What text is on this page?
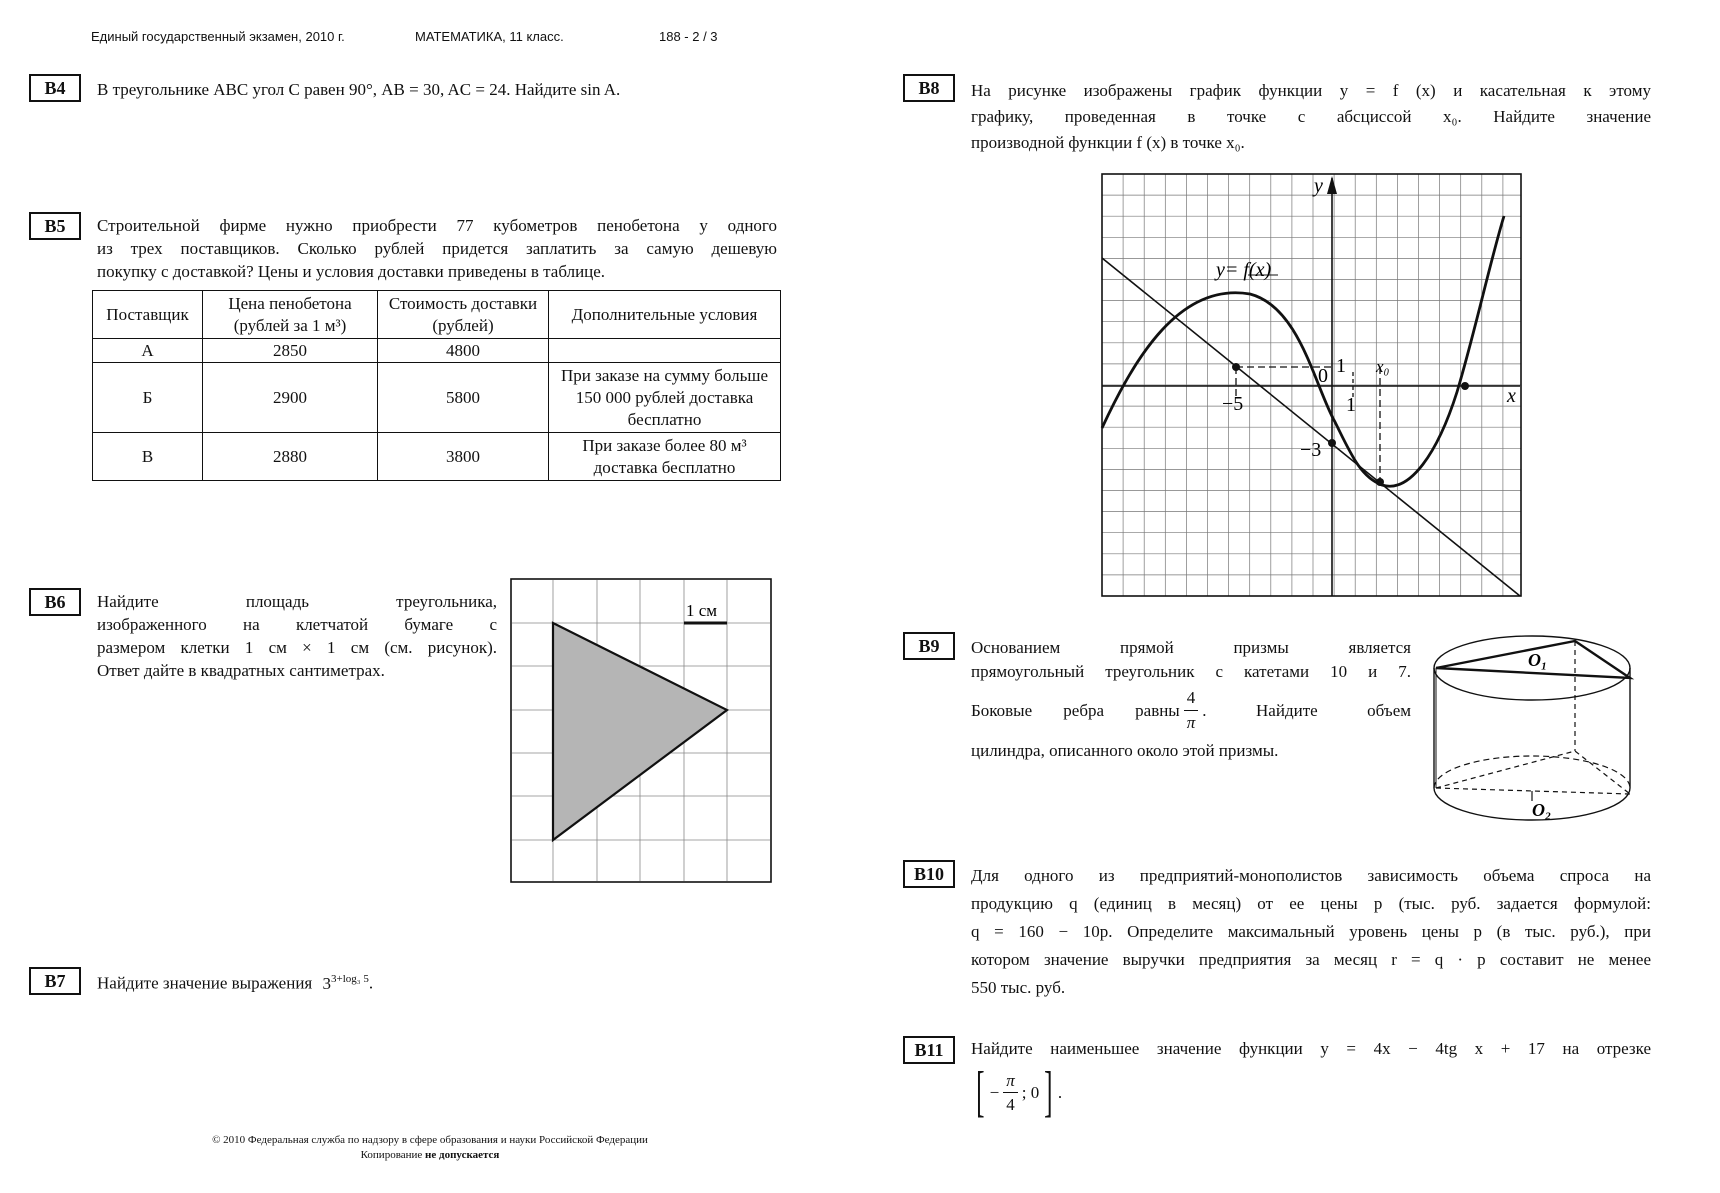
Единый государственный экзамен, 2010 г.	МАТЕМАТИКА, 11 класс.	188 - 2 / 3
B4	В треугольнике ABC угол C равен 90°, AB = 30, AC = 24. Найдите sin A.
B5	Строительной фирме нужно приобрести 77 кубометров пенобетона у одного
из трех поставщиков. Сколько рублей придется заплатить за самую дешевую
покупку с доставкой? Цены и условия доставки приведены в таблице.
Поставщик	Цена пенобетона (рублей за 1 м³)	Стоимость доставки (рублей)	Дополнительные условия
А	2850	4800	
Б	2900	5800	При заказе на сумму больше 150 000 рублей доставка бесплатно
В	2880	3800	При заказе более 80 м³ доставка бесплатно
B6	Найдите площадь треугольника,
изображенного на клетчатой бумаге с
размером клетки 1 см × 1 см (см. рисунок).
Ответ дайте в квадратных сантиметрах.
1 см
B7	Найдите значение выражения $3^{3+log_3 5}$.
B8	На рисунке изображены график функции y = f (x) и касательная к этому
графику, проведенная в точке с абсциссой x₀. Найдите значение
производной функции f (x) в точке x₀.
y
x
y= f(x)
1
0
1
−5
−3
x₀
B9	Основанием прямой призмы является
прямоугольный треугольник с катетами 10 и 7.
Боковые ребра равны $\frac{4}{\pi}$ . Найдите объем
цилиндра, описанного около этой призмы.
O₁
O₂
B10	Для одного из предприятий-монополистов зависимость объема спроса на
продукцию q (единиц в месяц) от ее цены p (тыс. руб. задается формулой:
q = 160 − 10p. Определите максимальный уровень цены p (в тыс. руб.), при
котором значение выручки предприятия за месяц r = q · p составит не менее
550 тыс. руб.
B11	Найдите наименьшее значение функции y = 4x − 4tg x + 17 на отрезке
[ − $\frac{\pi}{4}$ ; 0 ] .
© 2010 Федеральная служба по надзору в сфере образования и науки Российской Федерации
Копирование не допускается
